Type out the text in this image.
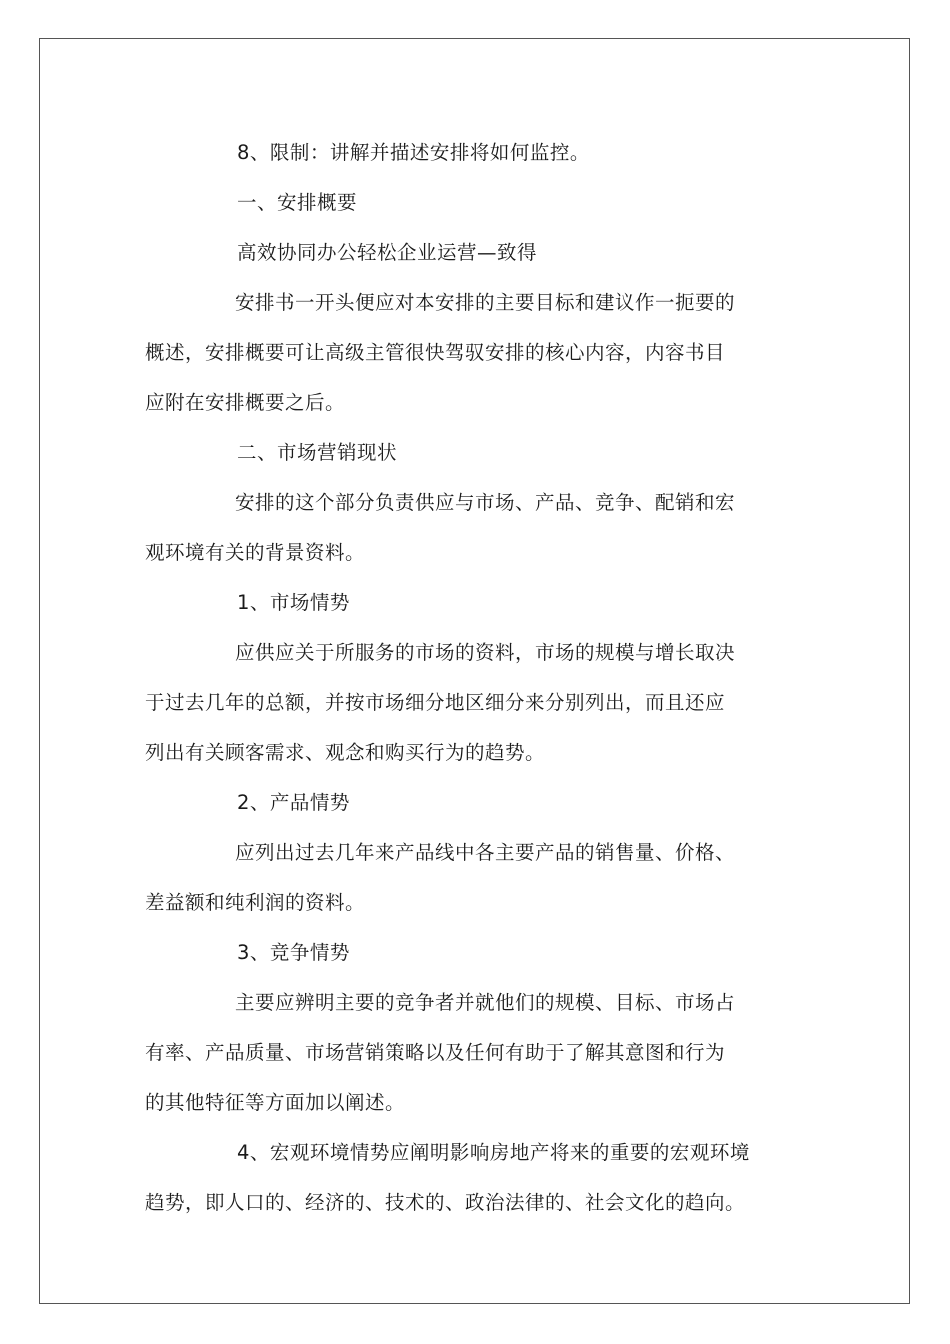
8、限制：讲解并描述安排将如何监控。
一、安排概要
高效协同办公轻松企业运营—致得
安排书一开头便应对本安排的主要目标和建议作一扼要的
概述，安排概要可让高级主管很快驾驭安排的核心内容，内容书目
应附在安排概要之后。
二、市场营销现状
安排的这个部分负责供应与市场、产品、竞争、配销和宏
观环境有关的背景资料。
1、市场情势
应供应关于所服务的市场的资料，市场的规模与增长取决
于过去几年的总额，并按市场细分地区细分来分别列出，而且还应
列出有关顾客需求、观念和购买行为的趋势。
2、产品情势
应列出过去几年来产品线中各主要产品的销售量、价格、
差益额和纯利润的资料。
3、竞争情势
主要应辨明主要的竞争者并就他们的规模、目标、市场占
有率、产品质量、市场营销策略以及任何有助于了解其意图和行为
的其他特征等方面加以阐述。
4、宏观环境情势应阐明影响房地产将来的重要的宏观环境
趋势，即人口的、经济的、技术的、政治法律的、社会文化的趋向。
